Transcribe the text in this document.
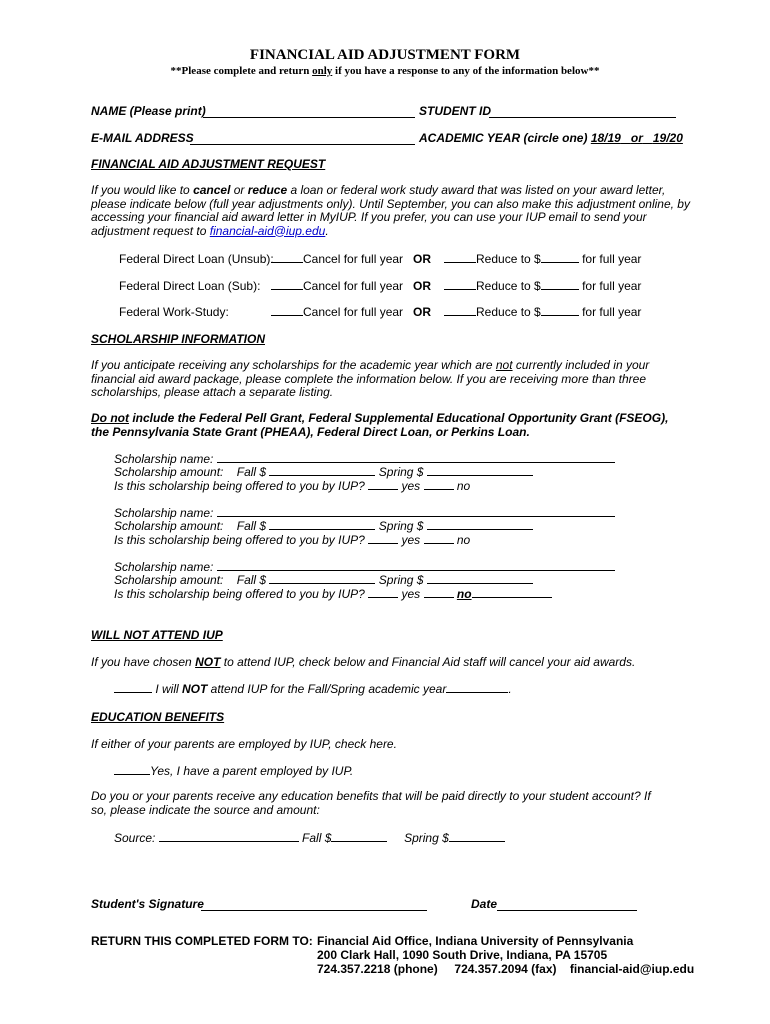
FINANCIAL AID ADJUSTMENT FORM
**Please complete and return only if you have a response to any of the information below**
NAME (Please print)	STUDENT ID
E-MAIL ADDRESS	ACADEMIC YEAR (circle one) 18/19 or 19/20
FINANCIAL AID ADJUSTMENT REQUEST
If you would like to cancel or reduce a loan or federal work study award that was listed on your award letter, please indicate below (full year adjustments only). Until September, you can also make this adjustment online, by accessing your financial aid award letter in MyIUP. If you prefer, you can use your IUP email to send your adjustment request to financial-aid@iup.edu.
Federal Direct Loan (Unsub):	Cancel for full year OR	Reduce to $	for full year
Federal Direct Loan (Sub):	Cancel for full year OR	Reduce to $	for full year
Federal Work-Study:	Cancel for full year OR	Reduce to $	for full year
SCHOLARSHIP INFORMATION
If you anticipate receiving any scholarships for the academic year which are not currently included in your financial aid award package, please complete the information below. If you are receiving more than three scholarships, please attach a separate listing.
Do not include the Federal Pell Grant, Federal Supplemental Educational Opportunity Grant (FSEOG), the Pennsylvania State Grant (PHEAA), Federal Direct Loan, or Perkins Loan.
Scholarship name:
Scholarship amount: Fall $	Spring $
Is this scholarship being offered to you by IUP?	yes	no
Scholarship name:
Scholarship amount: Fall $	Spring $
Is this scholarship being offered to you by IUP?	yes	no
Scholarship name:
Scholarship amount: Fall $	Spring $
Is this scholarship being offered to you by IUP?	yes	no
WILL NOT ATTEND IUP
If you have chosen NOT to attend IUP, check below and Financial Aid staff will cancel your aid awards.
I will NOT attend IUP for the Fall/Spring academic year	.
EDUCATION BENEFITS
If either of your parents are employed by IUP, check here.
Yes, I have a parent employed by IUP.
Do you or your parents receive any education benefits that will be paid directly to your student account? If so, please indicate the source and amount:
Source:	Fall $	Spring $
Student's Signature	Date
RETURN THIS COMPLETED FORM TO: Financial Aid Office, Indiana University of Pennsylvania
200 Clark Hall, 1090 South Drive, Indiana, PA 15705
724.357.2218 (phone) 724.357.2094 (fax) financial-aid@iup.edu
